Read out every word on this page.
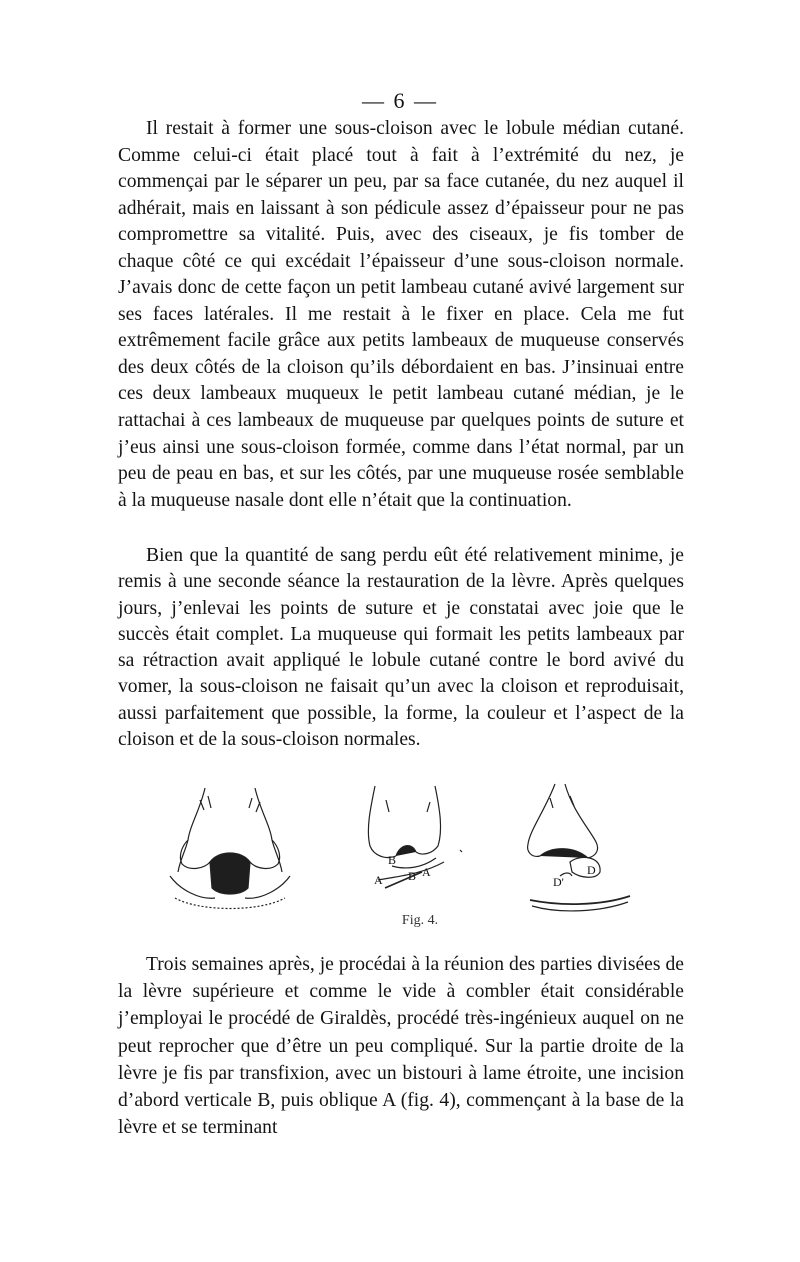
— 6 —

Il restait à former une sous-cloison avec le lobule médian cutané. Comme celui-ci était placé tout à fait à l’extrémité du nez, je commençai par le séparer un peu, par sa face cutanée, du nez auquel il adhérait, mais en laissant à son pédicule assez d’épaisseur pour ne pas compromettre sa vitalité. Puis, avec des ciseaux, je fis tomber de chaque côté ce qui excédait l’épaisseur d’une sous-cloison normale. J’avais donc de cette façon un petit lambeau cutané avivé largement sur ses faces latérales. Il me restait à le fixer en place. Cela me fut extrêmement facile grâce aux petits lambeaux de muqueuse conservés des deux côtés de la cloison qu’ils débordaient en bas. J’insinuai entre ces deux lambeaux muqueux le petit lambeau cutané médian, je le rattachai à ces lambeaux de muqueuse par quelques points de suture et j’eus ainsi une sous-cloison formée, comme dans l’état normal, par un peu de peau en bas, et sur les côtés, par une muqueuse rosée semblable à la muqueuse nasale dont elle n’était que la continuation.

Bien que la quantité de sang perdu eût été relativement minime, je remis à une seconde séance la restauration de la lèvre. Après quelques jours, j’enlevai les points de suture et je constatai avec joie que le succès était complet. La muqueuse qui formait les petits lambeaux par sa rétraction avait appliqué le lobule cutané contre le bord avivé du vomer, la sous-cloison ne faisait qu’un avec la cloison et reproduisait, aussi parfaitement que possible, la forme, la couleur et l’aspect de la cloison et de la sous-cloison normales.

B
A B A
D'
D
Fig. 4.

Trois semaines après, je procédai à la réunion des parties divisées de la lèvre supérieure et comme le vide à combler était considérable j’employai le procédé de Giraldès, procédé très-ingénieux auquel on ne peut reprocher que d’être un peu compliqué. Sur la partie droite de la lèvre je fis par transfixion, avec un bistouri à lame étroite, une incision d’abord verticale B, puis oblique A (fig. 4), commençant à la base de la lèvre et se terminant
